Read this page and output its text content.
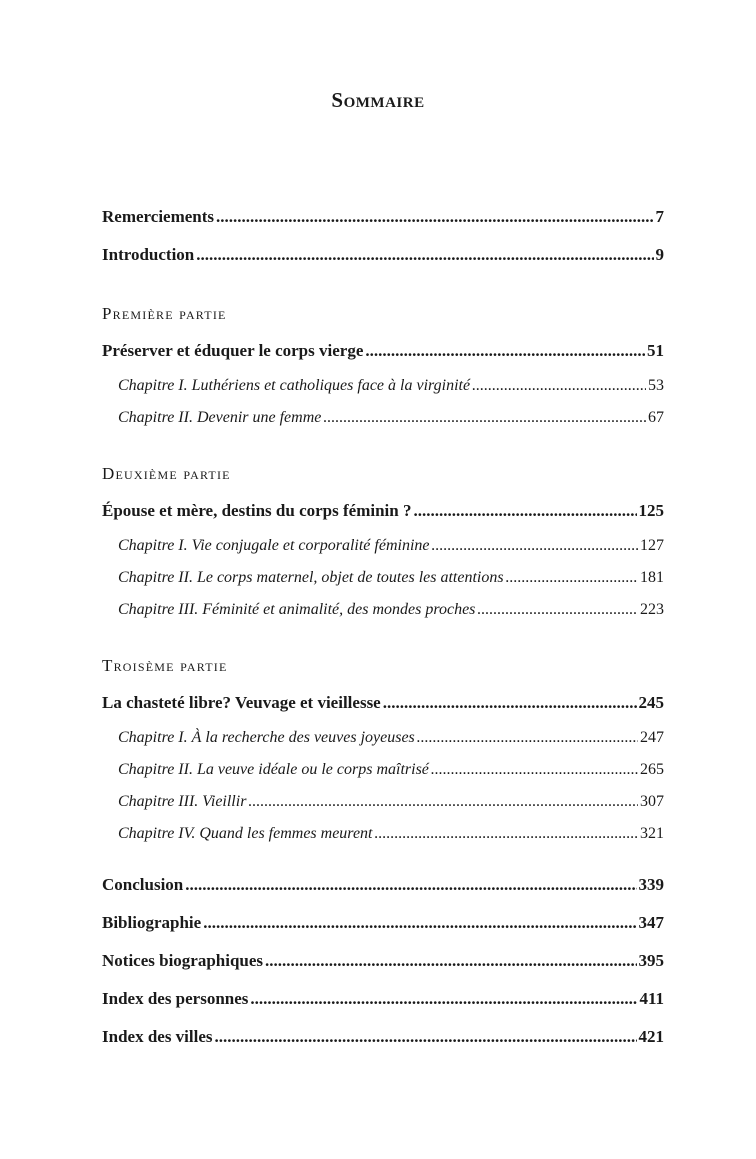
Sommaire
Remerciements .....	7
Introduction .....	9
Première partie
Préserver et éduquer le corps vierge .....	51
Chapitre I. Luthériens et catholiques face à la virginité .....	53
Chapitre II. Devenir une femme .....	67
Deuxième partie
Épouse et mère, destins du corps féminin ? .....	125
Chapitre I. Vie conjugale et corporalité féminine .....	127
Chapitre II. Le corps maternel, objet de toutes les attentions .....	181
Chapitre III. Féminité et animalité, des mondes proches .....	223
Troisème partie
La chasteté libre? Veuvage et vieillesse .....	245
Chapitre I. À la recherche des veuves joyeuses .....	247
Chapitre II. La veuve idéale ou le corps maîtrisé .....	265
Chapitre III. Vieillir .....	307
Chapitre IV. Quand les femmes meurent .....	321
Conclusion .....	339
Bibliographie .....	347
Notices biographiques .....	395
Index des personnes .....	411
Index des villes .....	421
